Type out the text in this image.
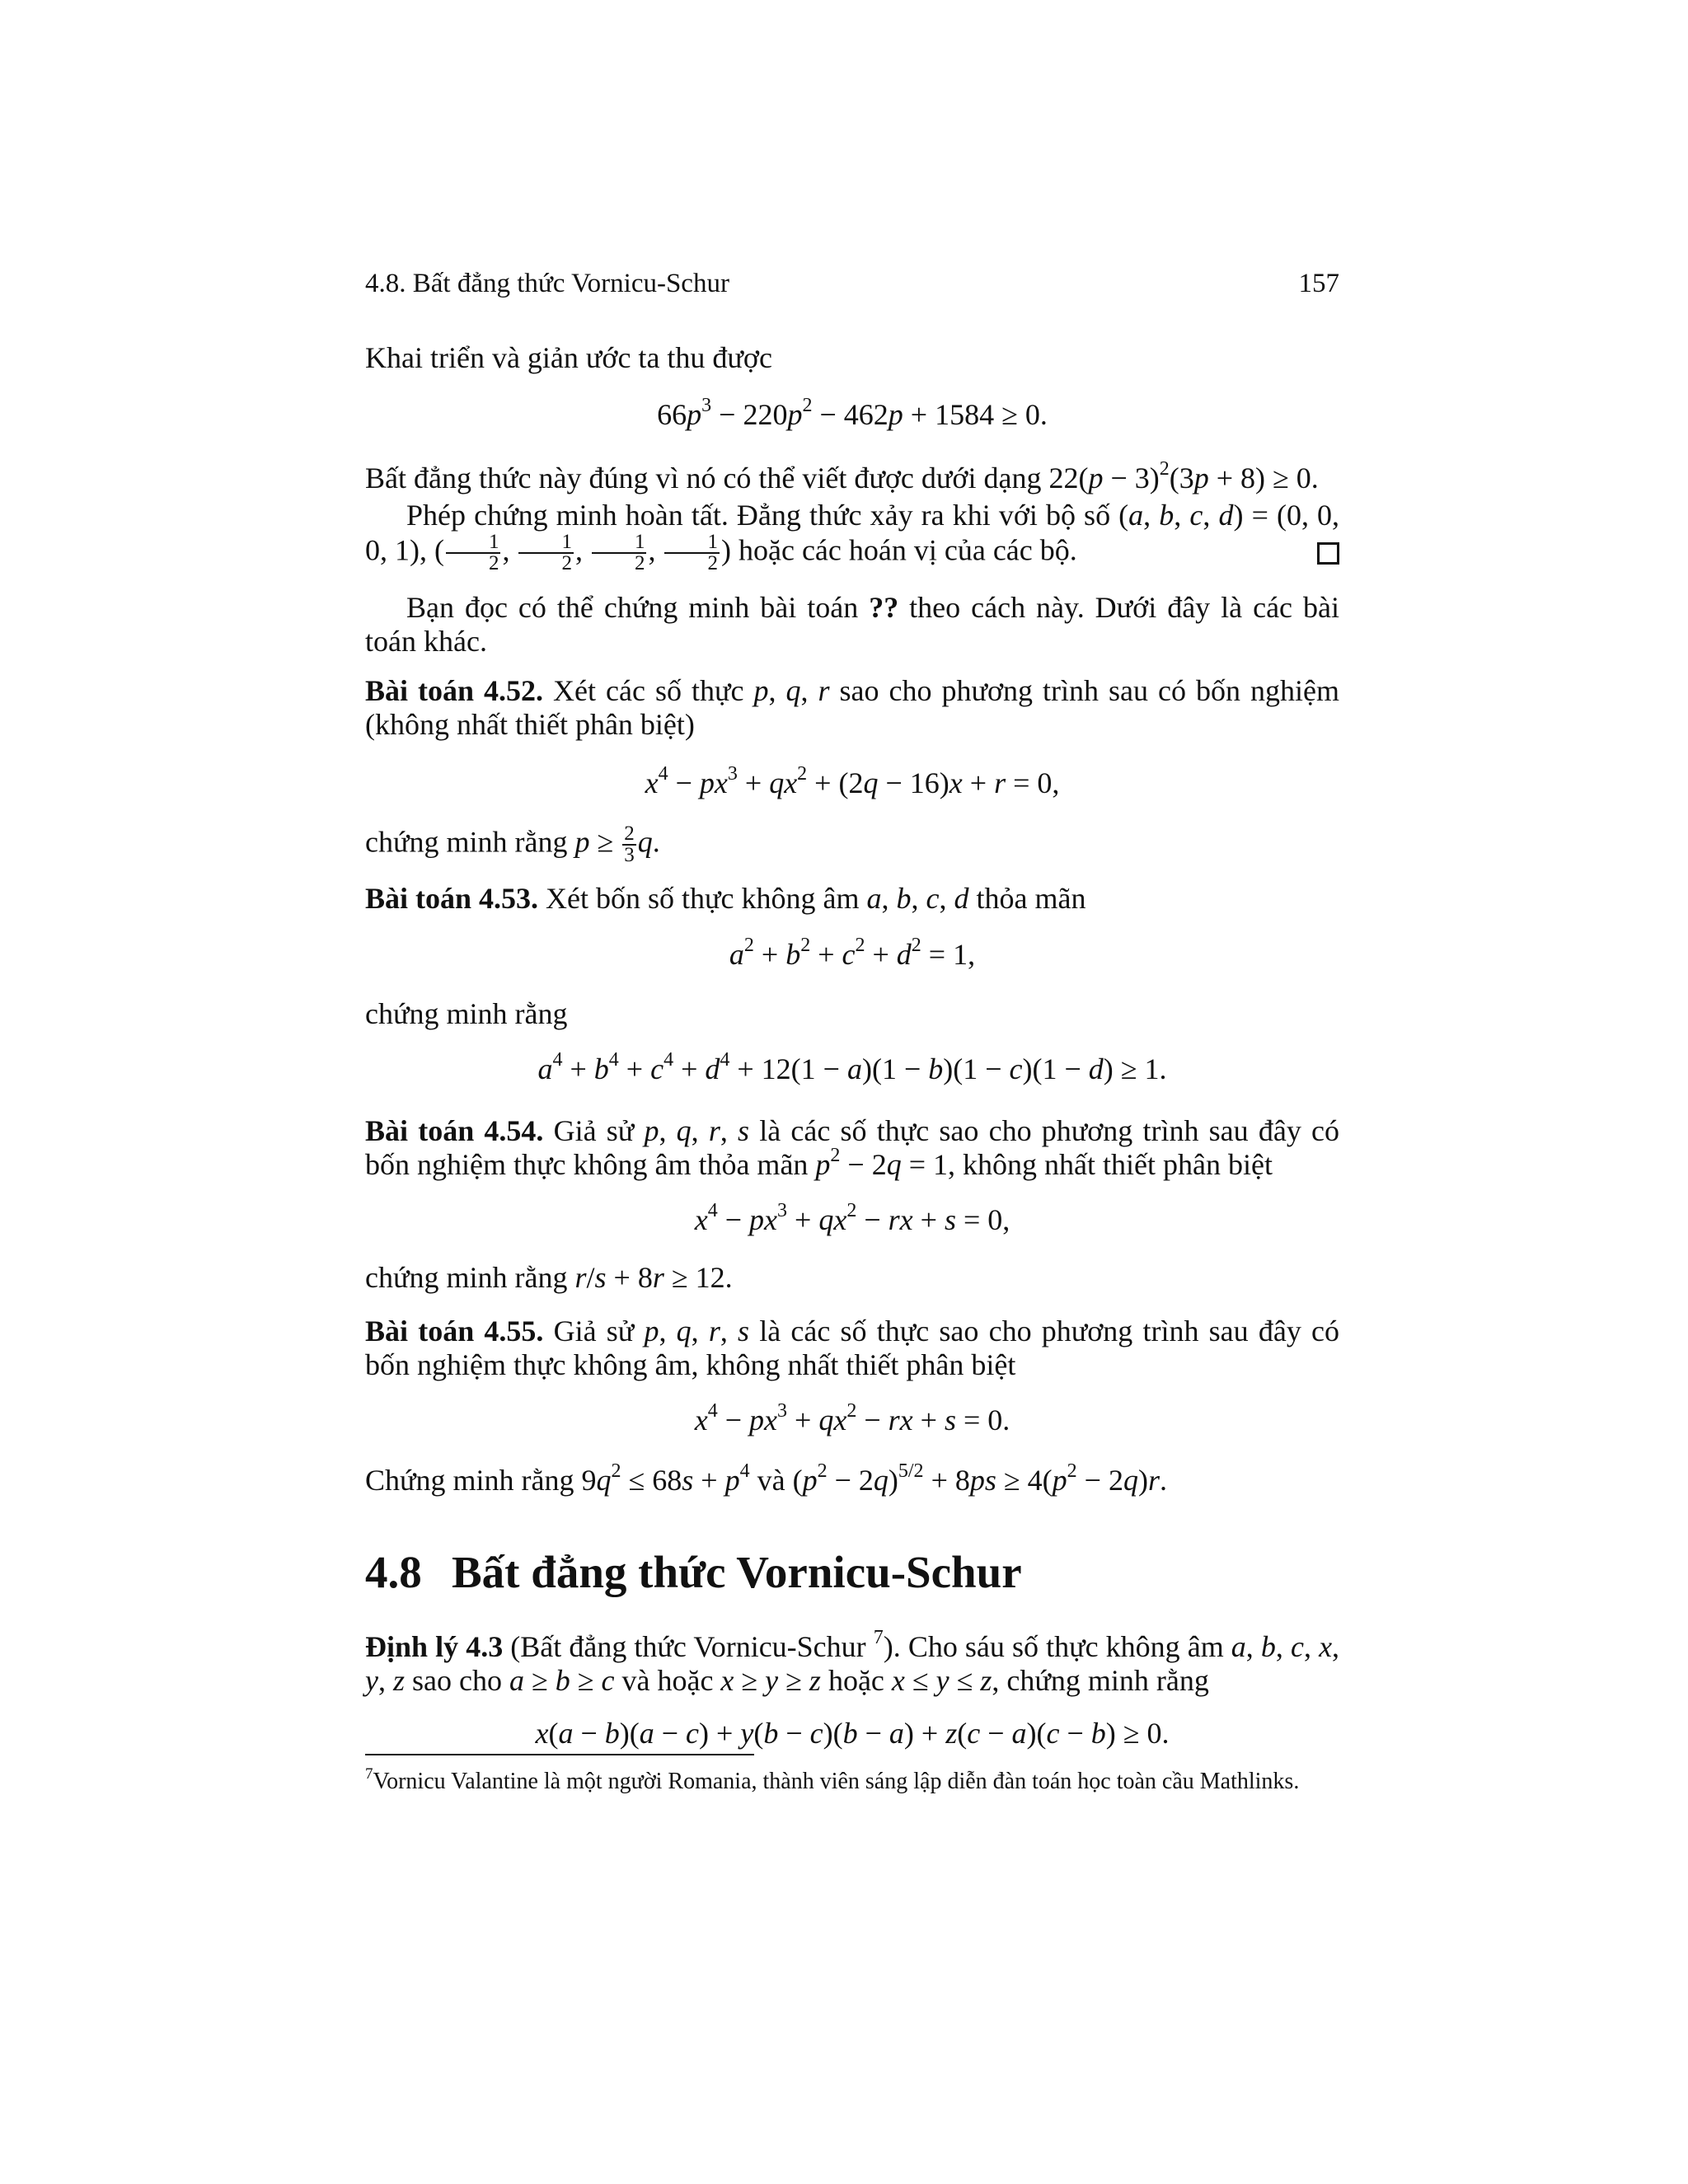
4.8. Bất đẳng thức Vornicu-Schur	157
Khai triển và giản ước ta thu được
$66p^3 - 220p^2 - 462p + 1584 \ge 0$.
Bất đẳng thức này đúng vì nó có thể viết được dưới dạng $22(p - 3)^2(3p + 8) \ge 0$.
Phép chứng minh hoàn tất. Đẳng thức xảy ra khi với bộ số (a, b, c, d) = (0, 0, 0, 1), ( $\frac{1}{2}$ , $\frac{1}{2}$ , $\frac{1}{2}$ , $\frac{1}{2}$ ) hoặc các hoán vị của các bộ.
Bạn đọc có thể chứng minh bài toán ?? theo cách này. Dưới đây là các bài toán khác.
Bài toán 4.52. Xét các số thực p, q, r sao cho phương trình sau có bốn nghiệm (không nhất thiết phân biệt)
$x^4 - px^3 + qx^2 + (2q - 16)x + r = 0$,
chứng minh rằng $p \ge \frac{2}{3} q$.
Bài toán 4.53. Xét bốn số thực không âm a, b, c, d thỏa mãn
$a^2 + b^2 + c^2 + d^2 = 1$,
chứng minh rằng
$a^4 + b^4 + c^4 + d^4 + 12(1 - a)(1 - b)(1 - c)(1 - d) \ge 1$.
Bài toán 4.54. Giả sử p, q, r, s là các số thực sao cho phương trình sau đây có bốn nghiệm thực không âm thỏa mãn $p^2 - 2q = 1$, không nhất thiết phân biệt
$x^4 - px^3 + qx^2$ − rx + s = 0,
chứng minh rằng r/s + 8r ≥ 12.
Bài toán 4.55. Giả sử p, q, r, s là các số thực sao cho phương trình sau đây có bốn nghiệm thực không âm, không nhất thiết phân biệt
$x^4 - px^3 + qx^2$ − rx + s = 0.
Chứng minh rằng $9q^2 \le 68s + p^4$ và $(p^2 - 2q)^{5/2} + 8ps \ge 4(p^2 - 2q)r$.
4.8 Bất đẳng thức Vornicu-Schur
Định lý 4.3 (Bất đẳng thức Vornicu-Schur $^7$). Cho sáu số thực không âm a, b, c, x, y, z sao cho a ≥ b ≥ c và hoặc x ≥ y ≥ z hoặc x ≤ y ≤ z, chứng minh rằng
x(a − b)(a − c) + y(b − c)(b − a) + z(c − a)(c − b) ≥ 0.
$^7$Vornicu Valantine là một người Romania, thành viên sáng lập diễn đàn toán học toàn cầu Mathlinks.
